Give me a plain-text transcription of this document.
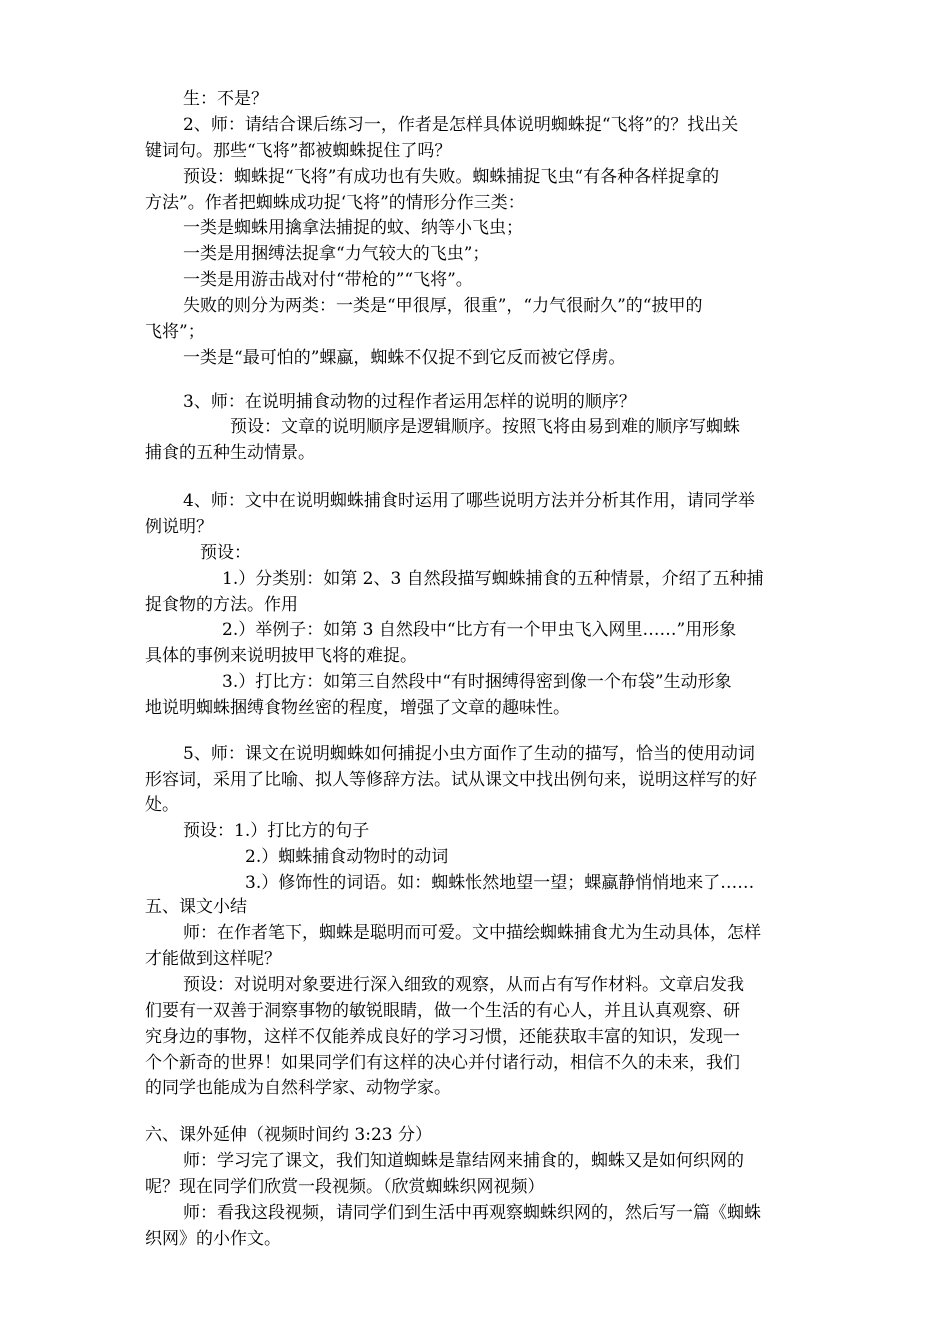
生：不是？
2、师：请结合课后练习一，作者是怎样具体说明蜘蛛捉“飞将”的？找出关
键词句。那些“飞将”都被蜘蛛捉住了吗？
预设：蜘蛛捉“飞将”有成功也有失败。蜘蛛捕捉飞虫“有各种各样捉拿的
方法”。作者把蜘蛛成功捉‘飞将”的情形分作三类：
一类是蜘蛛用擒拿法捕捉的蚊、纳等小飞虫；
一类是用捆缚法捉拿“力气较大的飞虫”；
一类是用游击战对付“带枪的”“飞将”。
失败的则分为两类：一类是“甲很厚，很重”，“力气很耐久”的“披甲的
飞将”；
一类是“最可怕的”蜾蠃，蜘蛛不仅捉不到它反而被它俘虏。
3、师：在说明捕食动物的过程作者运用怎样的说明的顺序？
预设：文章的说明顺序是逻辑顺序。按照飞将由易到难的顺序写蜘蛛
捕食的五种生动情景。
4、师：文中在说明蜘蛛捕食时运用了哪些说明方法并分析其作用，请同学举
例说明？
预设：
1.）分类别：如第 2、3 自然段描写蜘蛛捕食的五种情景，介绍了五种捕
捉食物的方法。作用
2.）举例子：如第 3 自然段中“比方有一个甲虫飞入网里……”用形象
具体的事例来说明披甲飞将的难捉。
3.）打比方：如第三自然段中“有时捆缚得密到像一个布袋”生动形象
地说明蜘蛛捆缚食物丝密的程度，增强了文章的趣味性。
5、师：课文在说明蜘蛛如何捕捉小虫方面作了生动的描写，恰当的使用动词
形容词，采用了比喻、拟人等修辞方法。试从课文中找出例句来，说明这样写的好
处。
预设：1.）打比方的句子
2.）蜘蛛捕食动物时的动词
3.）修饰性的词语。如：蜘蛛怅然地望一望；蜾蠃静悄悄地来了……
五、课文小结
师：在作者笔下，蜘蛛是聪明而可爱。文中描绘蜘蛛捕食尤为生动具体，怎样
才能做到这样呢？
预设：对说明对象要进行深入细致的观察，从而占有写作材料。文章启发我
们要有一双善于洞察事物的敏锐眼睛，做一个生活的有心人，并且认真观察、研
究身边的事物，这样不仅能养成良好的学习习惯，还能获取丰富的知识，发现一
个个新奇的世界！如果同学们有这样的决心并付诸行动，相信不久的未来，我们
的同学也能成为自然科学家、动物学家。
六、课外延伸（视频时间约 3:23 分）
师：学习完了课文，我们知道蜘蛛是靠结网来捕食的，蜘蛛又是如何织网的
呢？现在同学们欣赏一段视频。（欣赏蜘蛛织网视频）
师：看我这段视频，请同学们到生活中再观察蜘蛛织网的，然后写一篇《蜘蛛
织网》的小作文。
